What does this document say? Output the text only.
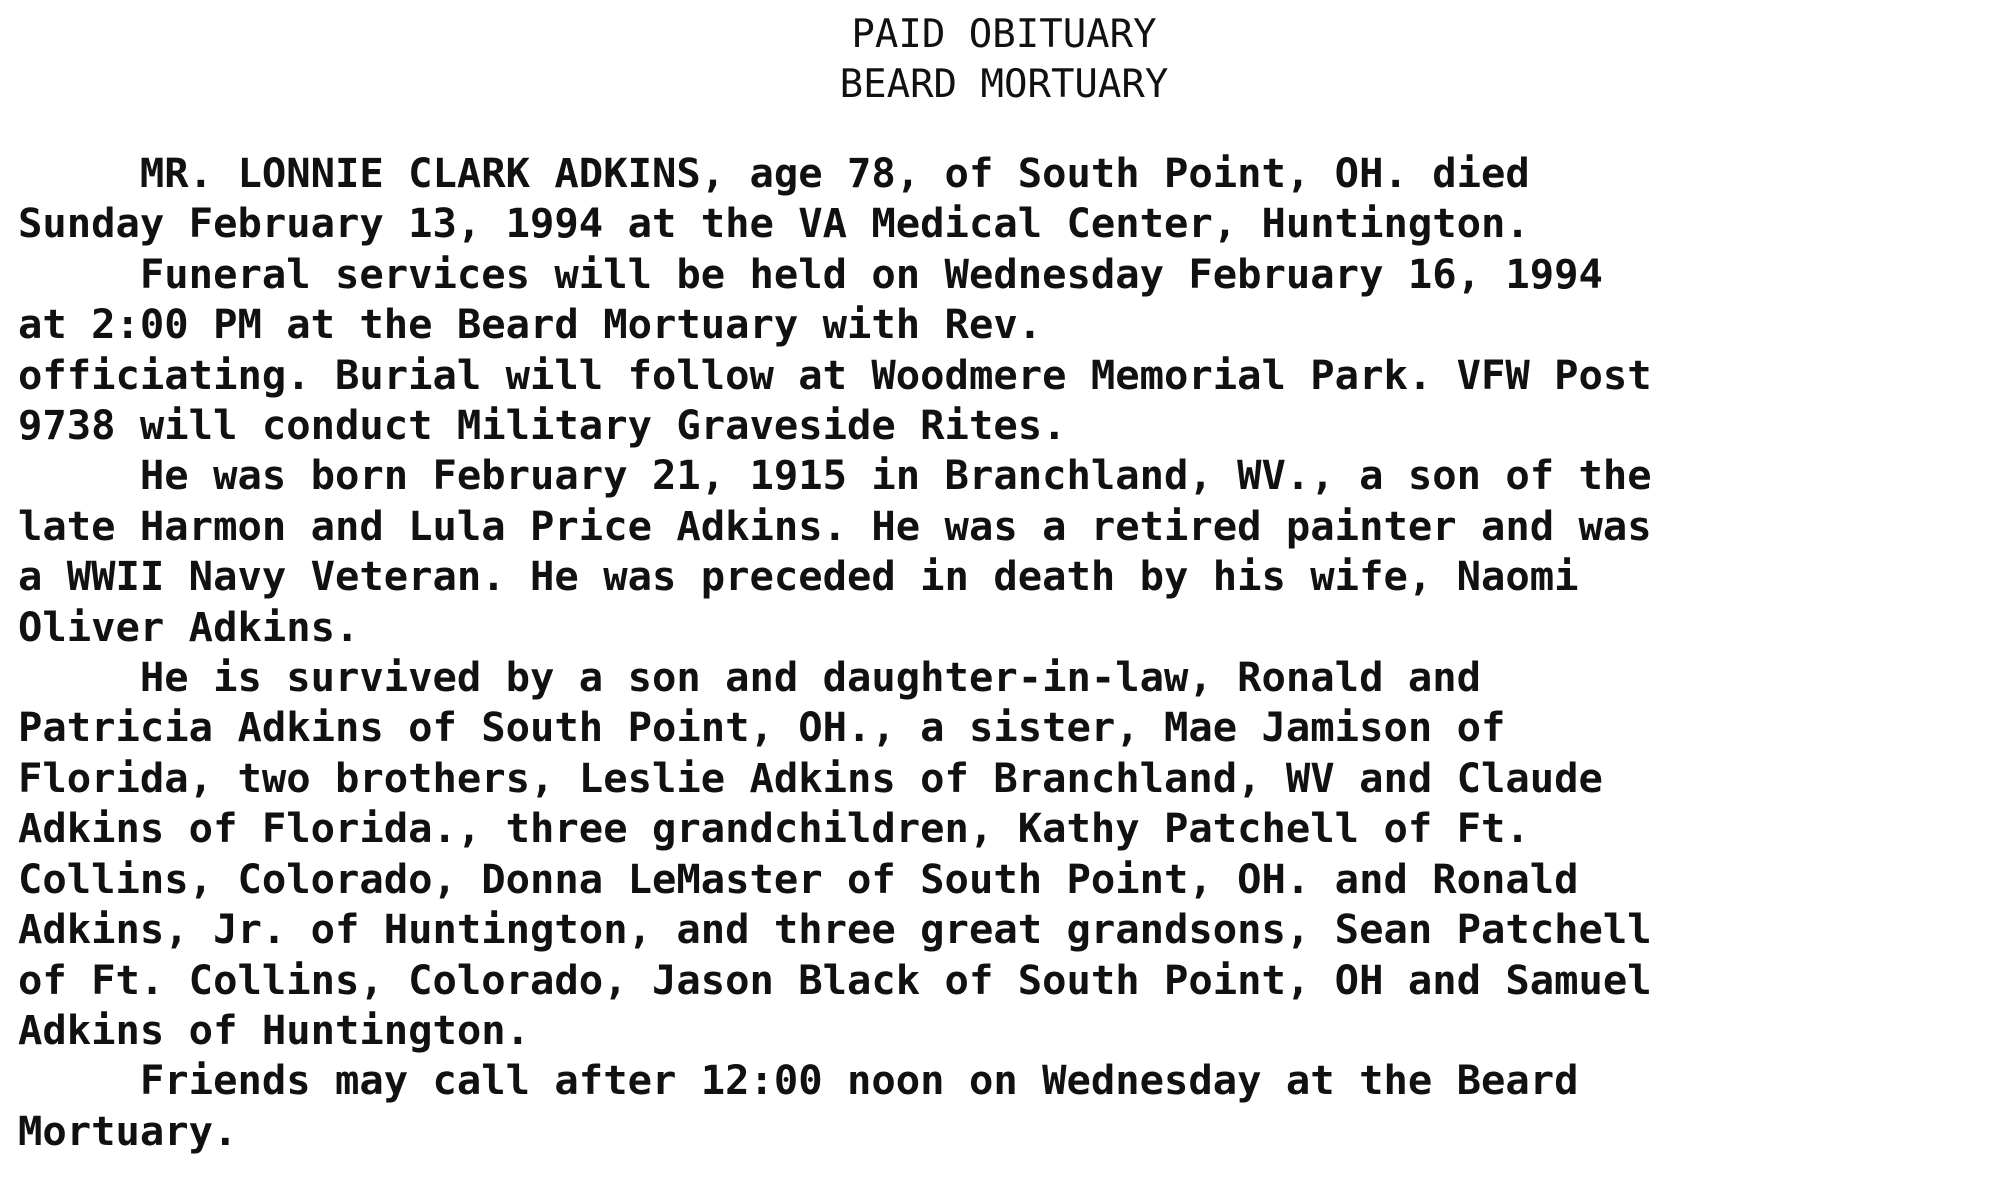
PAID OBITUARY
BEARD MORTUARY
MR. LONNIE CLARK ADKINS, age 78, of South Point, OH. died
Sunday February 13, 1994 at the VA Medical Center, Huntington.
Funeral services will be held on Wednesday February 16, 1994
at 2:00 PM at the Beard Mortuary with Rev.
officiating. Burial will follow at Woodmere Memorial Park. VFW Post
9738 will conduct Military Graveside Rites.
He was born February 21, 1915 in Branchland, WV., a son of the
late Harmon and Lula Price Adkins. He was a retired painter and was
a WWII Navy Veteran. He was preceded in death by his wife, Naomi
Oliver Adkins.
He is survived by a son and daughter-in-law, Ronald and
Patricia Adkins of South Point, OH., a sister, Mae Jamison of
Florida, two brothers, Leslie Adkins of Branchland, WV and Claude
Adkins of Florida., three grandchildren, Kathy Patchell of Ft.
Collins, Colorado, Donna LeMaster of South Point, OH. and Ronald
Adkins, Jr. of Huntington, and three great grandsons, Sean Patchell
of Ft. Collins, Colorado, Jason Black of South Point, OH and Samuel
Adkins of Huntington.
Friends may call after 12:00 noon on Wednesday at the Beard
Mortuary.
